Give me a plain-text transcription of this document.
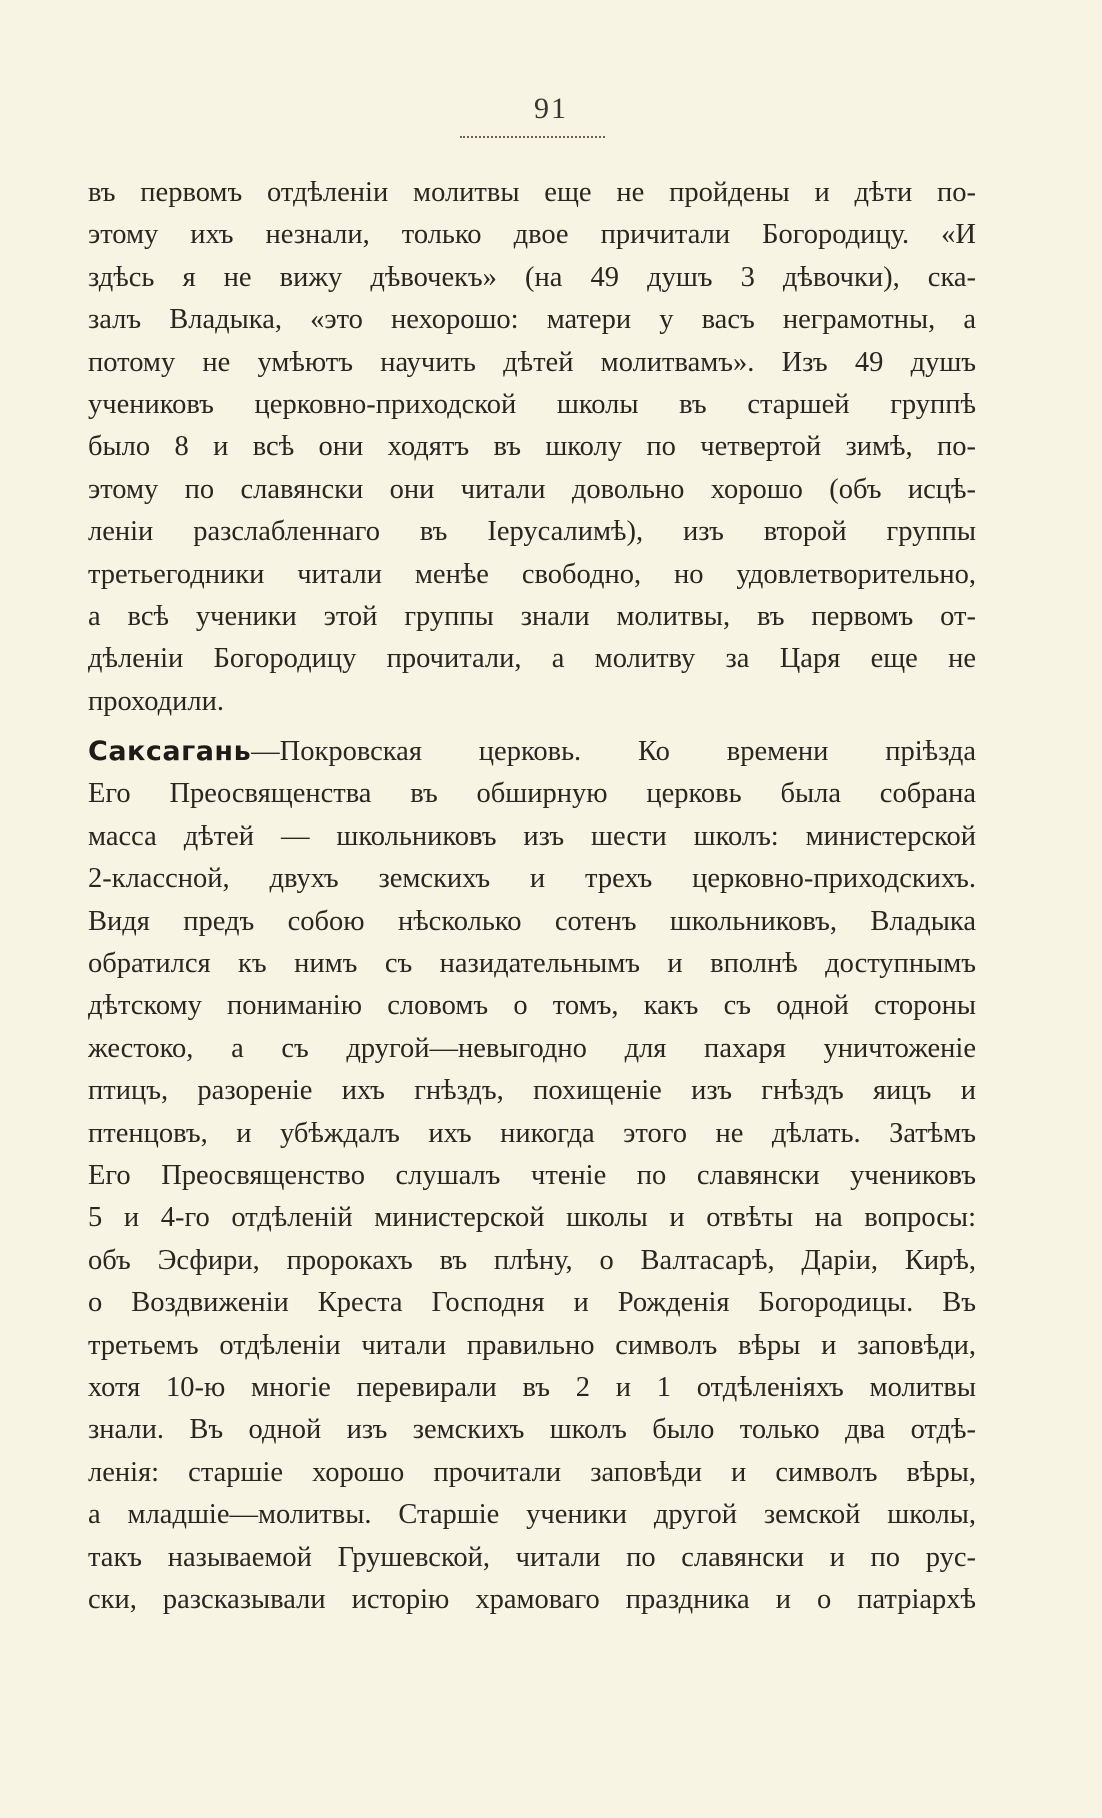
91
въ первомъ отдѣленіи молитвы еще не пройдены и дѣти по-
этому ихъ незнали, только двое причитали Богородицу. «И
здѣсь я не вижу дѣвочекъ» (на 49 душъ 3 дѣвочки), ска-
залъ Владыка, «это нехорошо: матери у васъ неграмотны, а
потому не умѣютъ научить дѣтей молитвамъ». Изъ 49 душъ
учениковъ церковно-приходской школы въ старшей группѣ
было 8 и всѣ они ходятъ въ школу по четвертой зимѣ, по-
этому по славянски они читали довольно хорошо (объ исцѣ-
леніи разслабленнаго въ Іерусалимѣ), изъ второй группы
третьегодники читали менѣе свободно, но удовлетворительно,
а всѣ ученики этой группы знали молитвы, въ первомъ от-
дѣленіи Богородицу прочитали, а молитву за Царя еще не
проходили.
Саксагань—Покровская церковь. Ко времени пріѣзда
Его Преосвященства въ обширную церковь была собрана
масса дѣтей — школьниковъ изъ шести школъ: министерской
2-классной, двухъ земскихъ и трехъ церковно-приходскихъ.
Видя предъ собою нѣсколько сотенъ школьниковъ, Владыка
обратился къ нимъ съ назидательнымъ и вполнѣ доступнымъ
дѣтскому пониманію словомъ о томъ, какъ съ одной стороны
жестоко, а съ другой—невыгодно для пахаря уничтоженіе
птицъ, разореніе ихъ гнѣздъ, похищеніе изъ гнѣздъ яицъ и
птенцовъ, и убѣждалъ ихъ никогда этого не дѣлать. Затѣмъ
Его Преосвященство слушалъ чтеніе по славянски учениковъ
5 и 4-го отдѣленій министерской школы и отвѣты на вопросы:
объ Эсфири, пророкахъ въ плѣну, о Валтасарѣ, Даріи, Кирѣ,
о Воздвиженіи Креста Господня и Рожденія Богородицы. Въ
третьемъ отдѣленіи читали правильно символъ вѣры и заповѣди,
хотя 10-ю многіе перевирали въ 2 и 1 отдѣленіяхъ молитвы
знали. Въ одной изъ земскихъ школъ было только два отдѣ-
ленія: старшіе хорошо прочитали заповѣди и символъ вѣры,
а младшіе—молитвы. Старшіе ученики другой земской школы,
такъ называемой Грушевской, читали по славянски и по рус-
ски, разсказывали исторію храмоваго праздника и о патріархѣ
